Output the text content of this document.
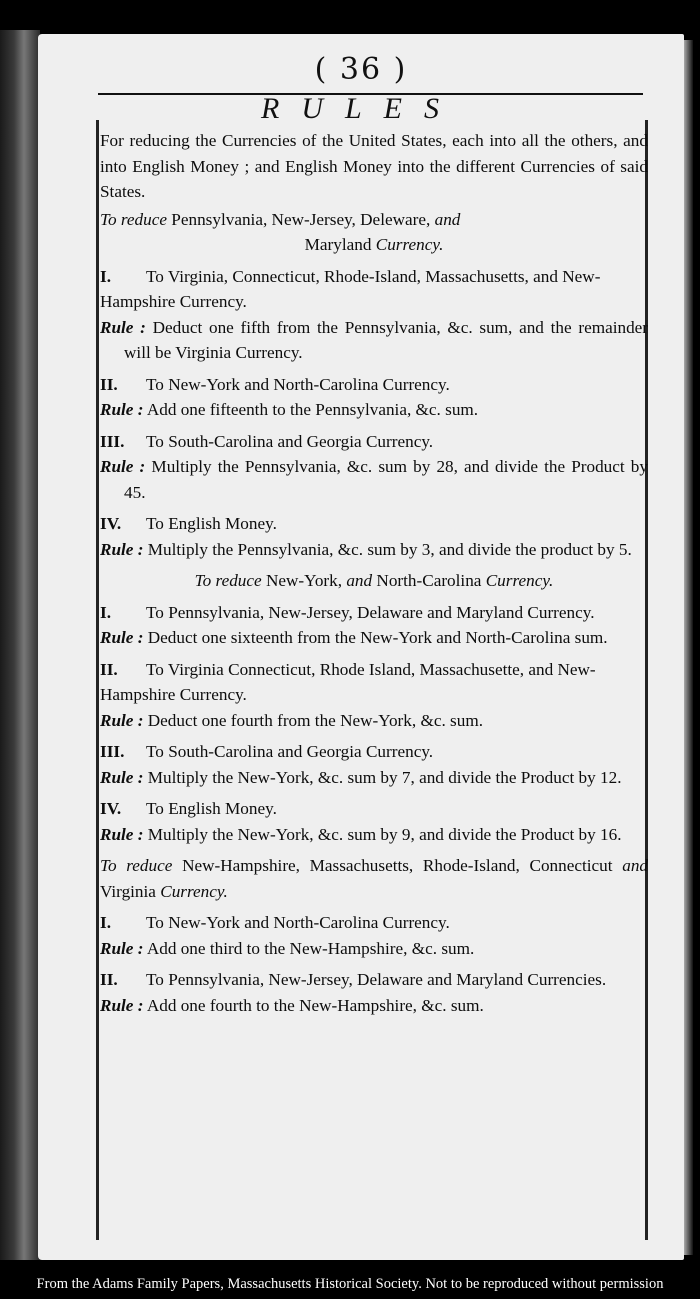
( 36 )
RULES
For reducing the Currencies of the United States, each into all the others, and into English Money ; and English Money into the different Currencies of said States.
To reduce Pennsylvania, New-Jersey, Deleware, and
Maryland Currency.
I. To Virginia, Connecticut, Rhode-Island, Massachusetts, and New-Hampshire Currency.
Rule : Deduct one fifth from the Pennsylvania, &c. sum, and the remainder will be Virginia Currency.
II. To New-York and North-Carolina Currency.
Rule : Add one fifteenth to the Pennsylvania, &c. sum.
III. To South-Carolina and Georgia Currency.
Rule : Multiply the Pennsylvania, &c. sum by 28, and divide the Product by 45.
IV. To English Money.
Rule : Multiply the Pennsylvania, &c. sum by 3, and divide the product by 5.
To reduce New-York, and North-Carolina Currency.
I. To Pennsylvania, New-Jersey, Delaware and Maryland Currency.
Rule : Deduct one sixteenth from the New-York and North-Carolina sum.
II. To Virginia Connecticut, Rhode Island, Massachusette, and New-Hampshire Currency.
Rule : Deduct one fourth from the New-York, &c. sum.
III. To South-Carolina and Georgia Currency.
Rule : Multiply the New-York, &c. sum by 7, and divide the Product by 12.
IV. To English Money.
Rule : Multiply the New-York, &c. sum by 9, and divide the Product by 16.
To reduce New-Hampshire, Massachusetts, Rhode-Island, Connecticut and Virginia Currency.
I. To New-York and North-Carolina Currency.
Rule : Add one third to the New-Hampshire, &c. sum.
II. To Pennsylvania, New-Jersey, Delaware and Maryland Currencies.
Rule : Add one fourth to the New-Hampshire, &c. sum.
From the Adams Family Papers, Massachusetts Historical Society. Not to be reproduced without permission
